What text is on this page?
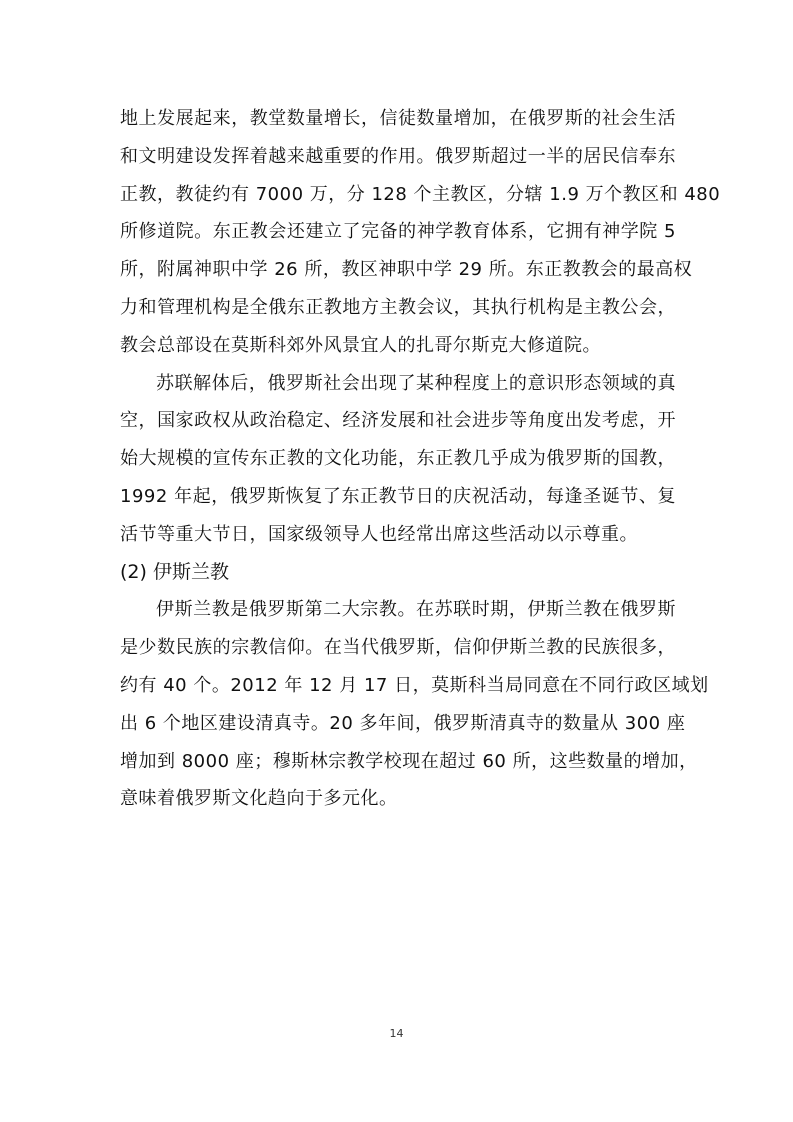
地上发展起来，教堂数量增长，信徒数量增加，在俄罗斯的社会生活
和文明建设发挥着越来越重要的作用。俄罗斯超过一半的居民信奉东
正教，教徒约有 7000 万，分 128 个主教区，分辖 1.9 万个教区和 480
所修道院。东正教会还建立了完备的神学教育体系，它拥有神学院 5
所，附属神职中学 26 所，教区神职中学 29 所。东正教教会的最高权
力和管理机构是全俄东正教地方主教会议，其执行机构是主教公会，
教会总部设在莫斯科郊外风景宜人的扎哥尔斯克大修道院。
苏联解体后，俄罗斯社会出现了某种程度上的意识形态领域的真
空，国家政权从政治稳定、经济发展和社会进步等角度出发考虑，开
始大规模的宣传东正教的文化功能，东正教几乎成为俄罗斯的国教，
1992 年起，俄罗斯恢复了东正教节日的庆祝活动，每逢圣诞节、复
活节等重大节日，国家级领导人也经常出席这些活动以示尊重。
(2) 伊斯兰教
伊斯兰教是俄罗斯第二大宗教。在苏联时期，伊斯兰教在俄罗斯
是少数民族的宗教信仰。在当代俄罗斯，信仰伊斯兰教的民族很多，
约有 40 个。2012 年 12 月 17 日，莫斯科当局同意在不同行政区域划
出 6 个地区建设清真寺。20 多年间，俄罗斯清真寺的数量从 300 座
增加到 8000 座；穆斯林宗教学校现在超过 60 所，这些数量的增加，
意味着俄罗斯文化趋向于多元化。
14
